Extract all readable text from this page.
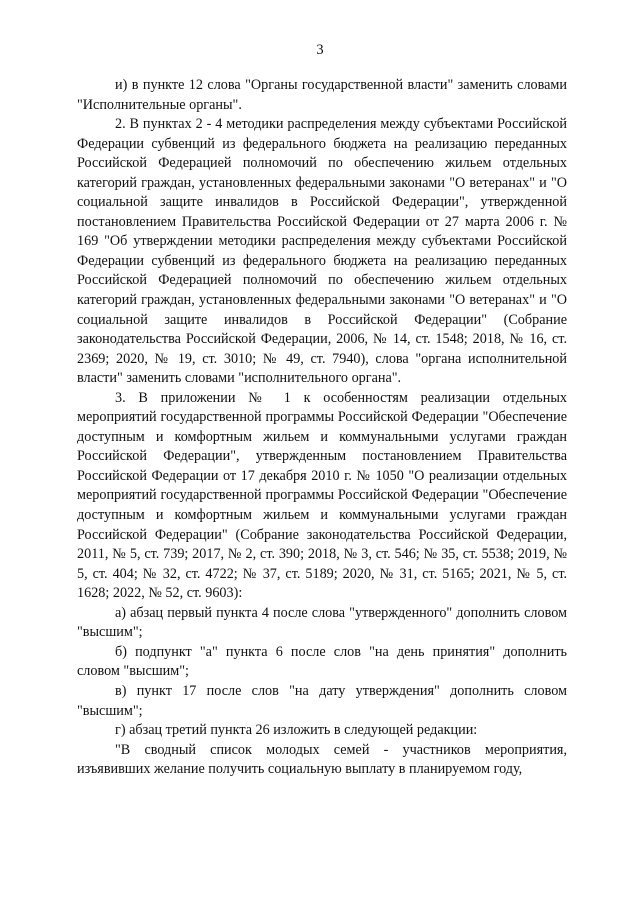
3

и) в пункте 12 слова "Органы государственной власти" заменить словами "Исполнительные органы".

2. В пунктах 2 - 4 методики распределения между субъектами Российской Федерации субвенций из федерального бюджета на реализацию переданных Российской Федерацией полномочий по обеспечению жильем отдельных категорий граждан, установленных федеральными законами "О ветеранах" и "О социальной защите инвалидов в Российской Федерации", утвержденной постановлением Правительства Российской Федерации от 27 марта 2006 г. № 169 "Об утверждении методики распределения между субъектами Российской Федерации субвенций из федерального бюджета на реализацию переданных Российской Федерацией полномочий по обеспечению жильем отдельных категорий граждан, установленных федеральными законами "О ветеранах" и "О социальной защите инвалидов в Российской Федерации" (Собрание законодательства Российской Федерации, 2006, № 14, ст. 1548; 2018, № 16, ст. 2369; 2020, № 19, ст. 3010; № 49, ст. 7940), слова "органа исполнительной власти" заменить словами "исполнительного органа".

3. В приложении № 1 к особенностям реализации отдельных мероприятий государственной программы Российской Федерации "Обеспечение доступным и комфортным жильем и коммунальными услугами граждан Российской Федерации", утвержденным постановлением Правительства Российской Федерации от 17 декабря 2010 г. № 1050 "О реализации отдельных мероприятий государственной программы Российской Федерации "Обеспечение доступным и комфортным жильем и коммунальными услугами граждан Российской Федерации" (Собрание законодательства Российской Федерации, 2011, № 5, ст. 739; 2017, № 2, ст. 390; 2018, № 3, ст. 546; № 35, ст. 5538; 2019, № 5, ст. 404; № 32, ст. 4722; № 37, ст. 5189; 2020, № 31, ст. 5165; 2021, № 5, ст. 1628; 2022, № 52, ст. 9603):

а) абзац первый пункта 4 после слова "утвержденного" дополнить словом "высшим";

б) подпункт "а" пункта 6 после слов "на день принятия" дополнить словом "высшим";

в) пункт 17 после слов "на дату утверждения" дополнить словом "высшим";

г) абзац третий пункта 26 изложить в следующей редакции:

"В сводный список молодых семей - участников мероприятия, изъявивших желание получить социальную выплату в планируемом году,
